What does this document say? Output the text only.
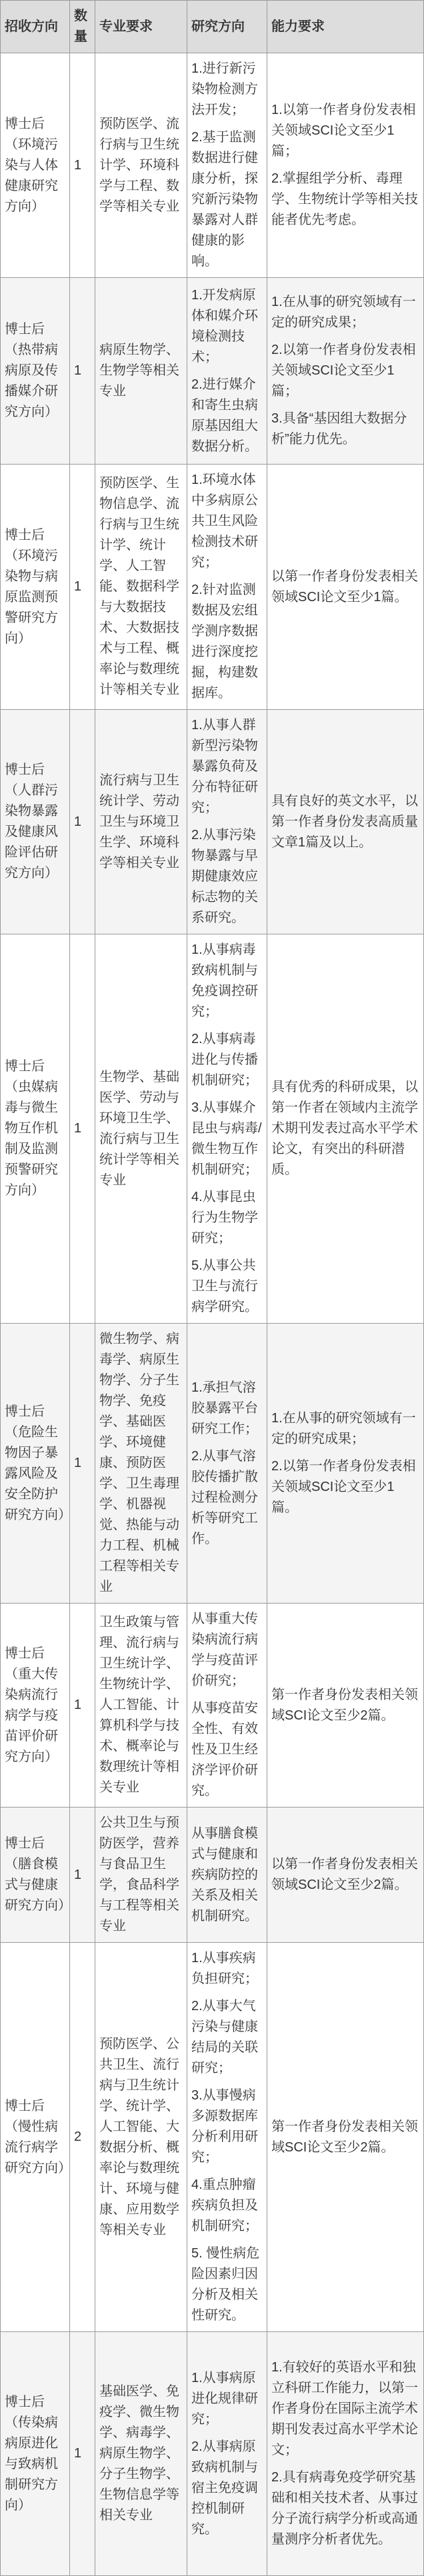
招收方向	数量	专业要求	研究方向	能力要求
博士后（环境污染与人体健康研究方向）	1	预防医学、流行病与卫生统计学、环境科学与工程、数学等相关专业	1.进行新污染物检测方法开发；
2.基于监测数据进行健康分析，探究新污染物暴露对人群健康的影响。	1.以第一作者身份发表相关领域SCI论文至少1篇；
2.掌握组学分析、毒理学、生物统计学等相关技能者优先考虑。

博士后（热带病病原及传播媒介研究方向）	1	病原生物学、生物学等相关专业	1.开发病原体和媒介环境检测技术；
2.进行媒介和寄生虫病原基因组大数据分析。	1.在从事的研究领域有一定的研究成果；
2.以第一作者身份发表相关领域SCI论文至少1篇；
3.具备“基因组大数据分析”能力优先。

博士后（环境污染物与病原监测预警研究方向）	1	预防医学、生物信息学、流行病与卫生统计学、统计学、人工智能、数据科学与大数据技术、大数据技术与工程、概率论与数理统计等相关专业	1.环境水体中多病原公共卫生风险检测技术研究；
2.针对监测数据及宏组学测序数据进行深度挖掘，构建数据库。	以第一作者身份发表相关领域SCI论文至少1篇。

博士后（人群污染物暴露及健康风险评估研究方向）	1	流行病与卫生统计学、劳动卫生与环境卫生学、环境科学等相关专业	1.从事人群新型污染物暴露负荷及分布特征研究；
2.从事污染物暴露与早期健康效应标志物的关系研究。	具有良好的英文水平，以第一作者身份发表高质量文章1篇及以上。

博士后（虫媒病毒与微生物互作机制及监测预警研究方向）	1	生物学、基础医学、劳动与环境卫生学、流行病与卫生统计学等相关专业	1.从事病毒致病机制与免疫调控研究；
2.从事病毒进化与传播机制研究；
3.从事媒介昆虫与病毒/微生物互作机制研究；
4.从事昆虫行为生物学研究；
5.从事公共卫生与流行病学研究。	具有优秀的科研成果，以第一作者在领域内主流学术期刊发表过高水平学术论文，有突出的科研潜质。

博士后（危险生物因子暴露风险及安全防护研究方向）	1	微生物学、病毒学、病原生物学、分子生物学、免疫学、基础医学、环境健康、预防医学、卫生毒理学、机器视觉、热能与动力工程、机械工程等相关专业	1.承担气溶胶暴露平台研究工作；
2.从事气溶胶传播扩散过程检测分析等研究工作。	1.在从事的研究领域有一定的研究成果；
2.以第一作者身份发表相关领域SCI论文至少1篇。

博士后（重大传染病流行病学与疫苗评价研究方向）	1	卫生政策与管理、流行病与卫生统计学、生物统计学、人工智能、计算机科学与技术、概率论与数理统计等相关专业	从事重大传染病流行病学与疫苗评价研究；
从事疫苗安全性、有效性及卫生经济学评价研究。	第一作者身份发表相关领域SCI论文至少2篇。

博士后（膳食模式与健康研究方向）	1	公共卫生与预防医学，营养与食品卫生学，食品科学与工程等相关专业	从事膳食模式与健康和疾病防控的关系及相关机制研究。	以第一作者身份发表相关领域SCI论文至少2篇。

博士后（慢性病流行病学研究方向）	2	预防医学、公共卫生、流行病与卫生统计学、统计学、人工智能、大数据分析、概率论与数理统计、环境与健康、应用数学等相关专业	1.从事疾病负担研究；
2.从事大气污染与健康结局的关联研究；
3.从事慢病多源数据库分析利用研究；
4.重点肿瘤疾病负担及机制研究；
5. 慢性病危险因素归因分析及相关性研究。	第一作者身份发表相关领域SCI论文至少2篇。

博士后（传染病病原进化与致病机制研究方向）	1	基础医学、免疫学、微生物学、病毒学、病原生物学、分子生物学、生物信息学等相关专业	1.从事病原进化规律研究；
2.从事病原致病机制与宿主免疫调控机制研究。	1.有较好的英语水平和独立科研工作能力，以第一作者身份在国际主流学术期刊发表过高水平学术论文；
2.具有病毒免疫学研究基础和相关技术者、从事过分子流行病学分析或高通量测序分析者优先。
